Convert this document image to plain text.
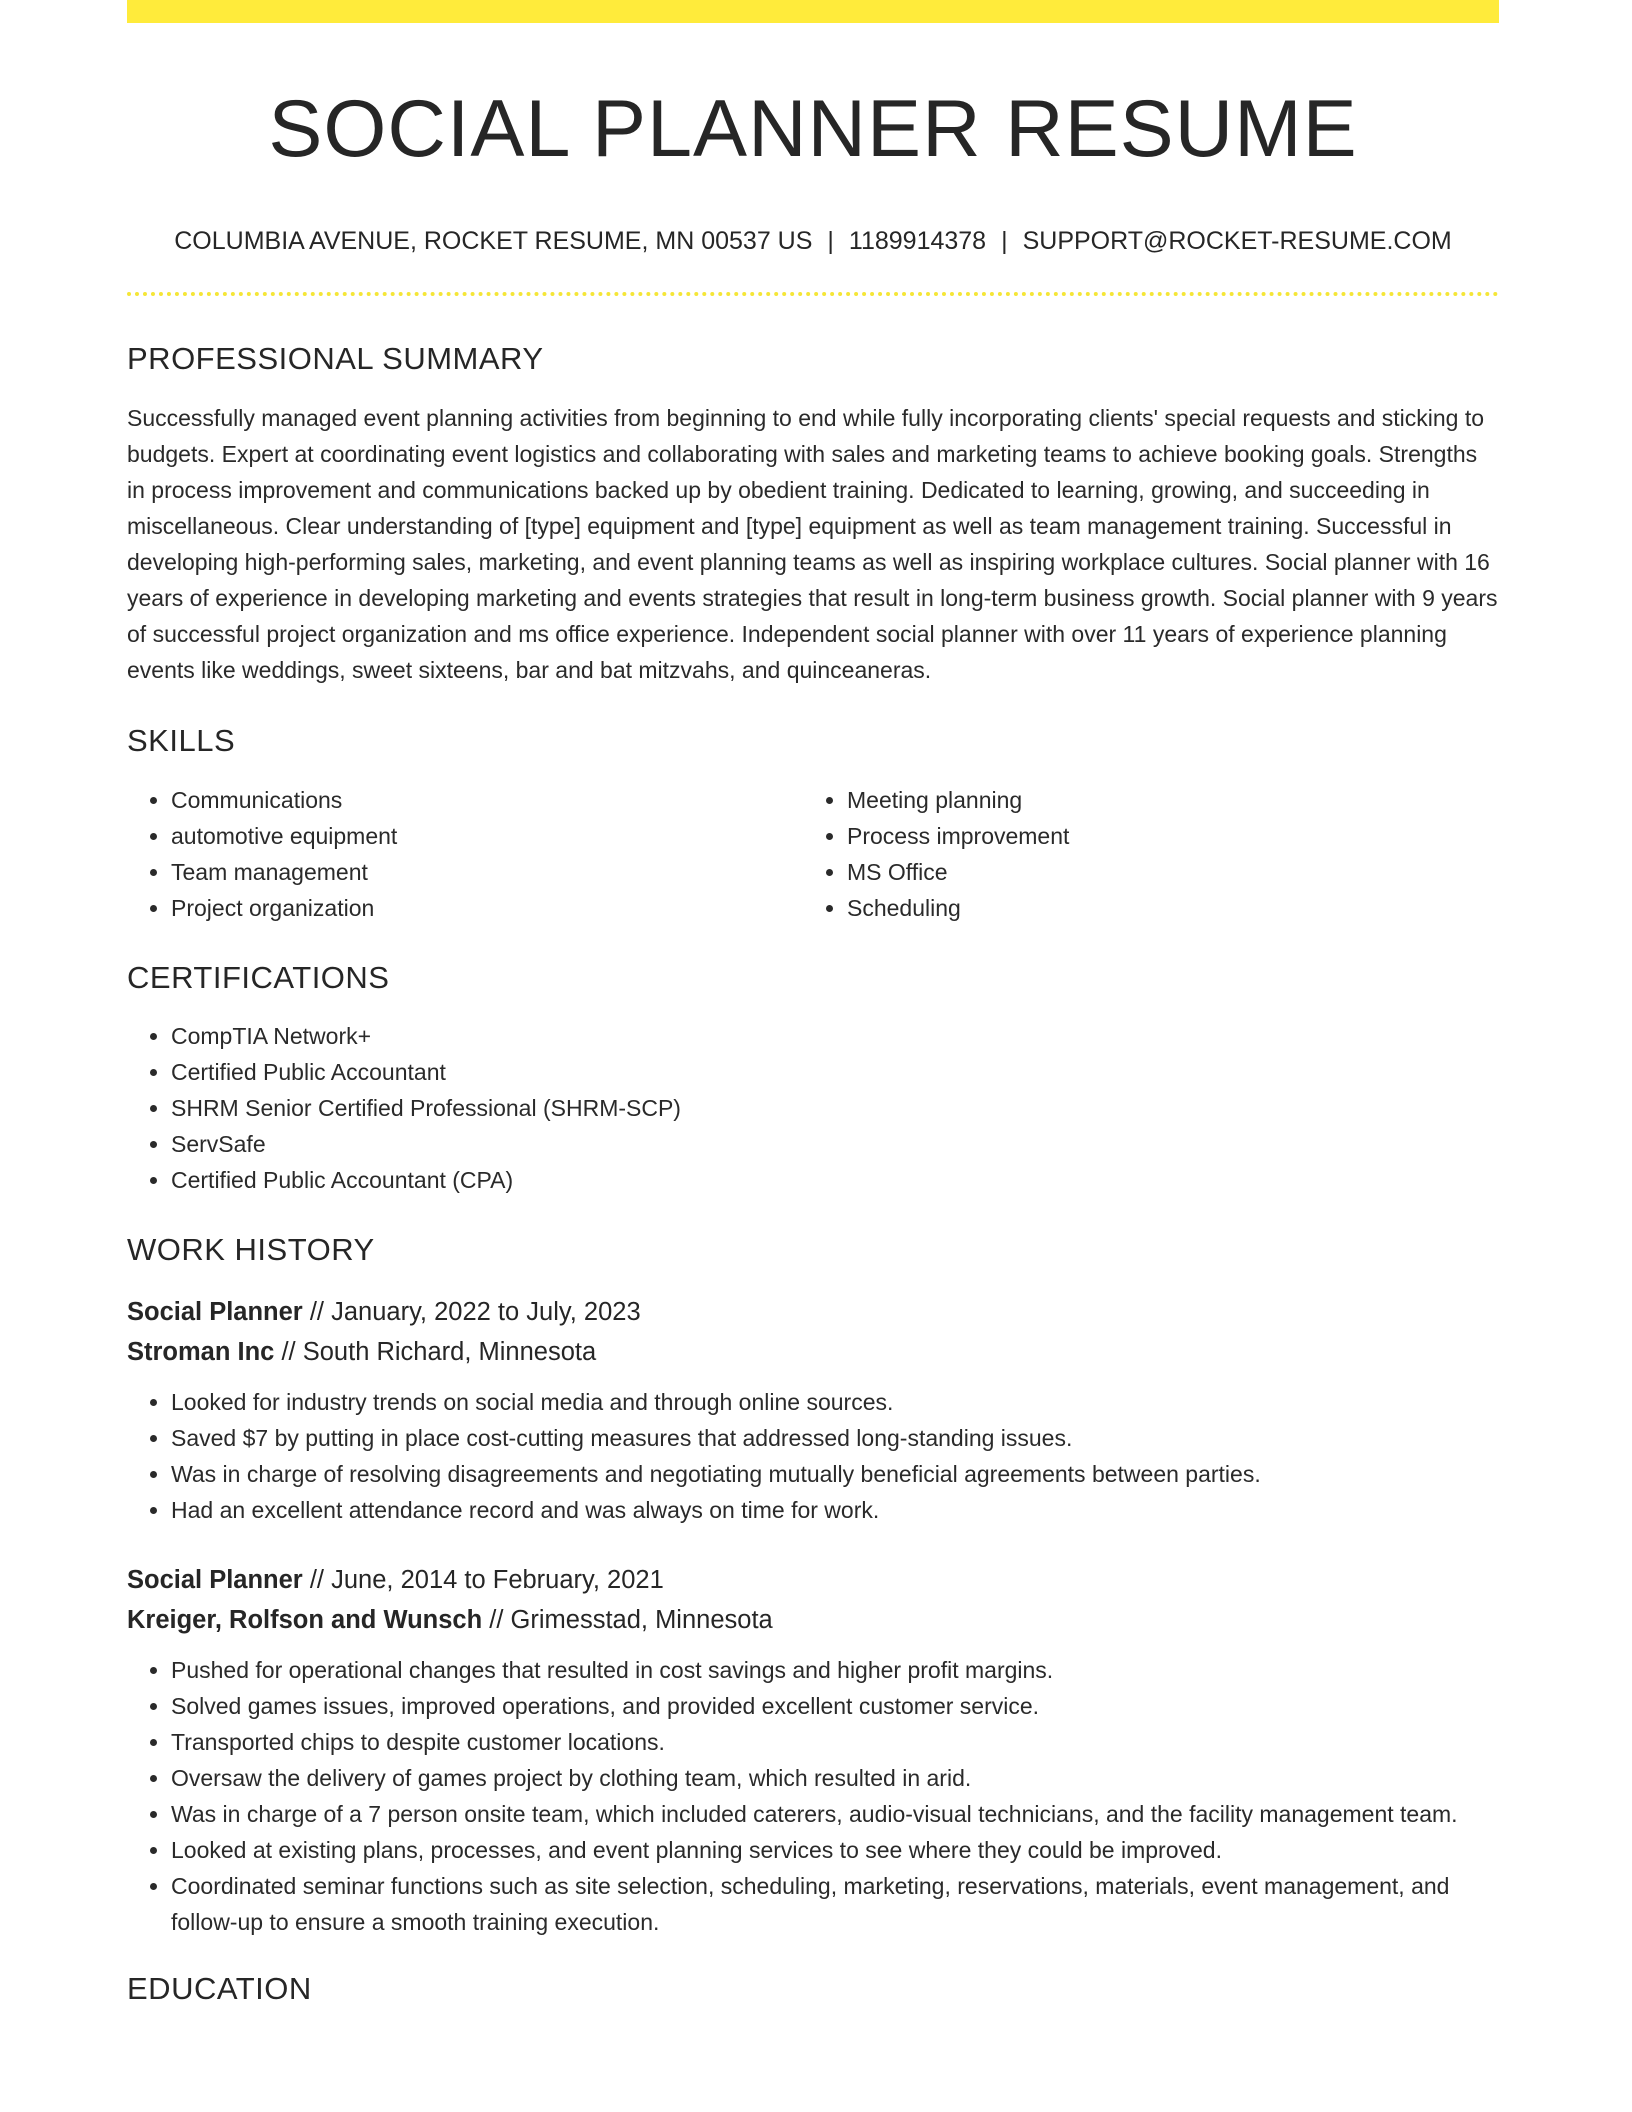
SOCIAL PLANNER RESUME
COLUMBIA AVENUE, ROCKET RESUME, MN 00537 US | 1189914378 | SUPPORT@ROCKET-RESUME.COM
PROFESSIONAL SUMMARY

Successfully managed event planning activities from beginning to end while fully incorporating clients' special requests and sticking to budgets. Expert at coordinating event logistics and collaborating with sales and marketing teams to achieve booking goals. Strengths in process improvement and communications backed up by obedient training. Dedicated to learning, growing, and succeeding in miscellaneous. Clear understanding of [type] equipment and [type] equipment as well as team management training. Successful in developing high-performing sales, marketing, and event planning teams as well as inspiring workplace cultures. Social planner with 16 years of experience in developing marketing and events strategies that result in long-term business growth. Social planner with 9 years of successful project organization and ms office experience. Independent social planner with over 11 years of experience planning events like weddings, sweet sixteens, bar and bat mitzvahs, and quinceaneras.

SKILLS
• Communications
• automotive equipment
• Team management
• Project organization
• Meeting planning
• Process improvement
• MS Office
• Scheduling
CERTIFICATIONS
• CompTIA Network+
• Certified Public Accountant
• SHRM Senior Certified Professional (SHRM-SCP)
• ServSafe
• Certified Public Accountant (CPA)
WORK HISTORY
Social Planner // January, 2022 to July, 2023
Stroman Inc // South Richard, Minnesota
• Looked for industry trends on social media and through online sources.
• Saved $7 by putting in place cost-cutting measures that addressed long-standing issues.
• Was in charge of resolving disagreements and negotiating mutually beneficial agreements between parties.
• Had an excellent attendance record and was always on time for work.
Social Planner // June, 2014 to February, 2021
Kreiger, Rolfson and Wunsch // Grimesstad, Minnesota
• Pushed for operational changes that resulted in cost savings and higher profit margins.
• Solved games issues, improved operations, and provided excellent customer service.
• Transported chips to despite customer locations.
• Oversaw the delivery of games project by clothing team, which resulted in arid.
• Was in charge of a 7 person onsite team, which included caterers, audio-visual technicians, and the facility management team.
• Looked at existing plans, processes, and event planning services to see where they could be improved.
• Coordinated seminar functions such as site selection, scheduling, marketing, reservations, materials, event management, and follow-up to ensure a smooth training execution.
EDUCATION
